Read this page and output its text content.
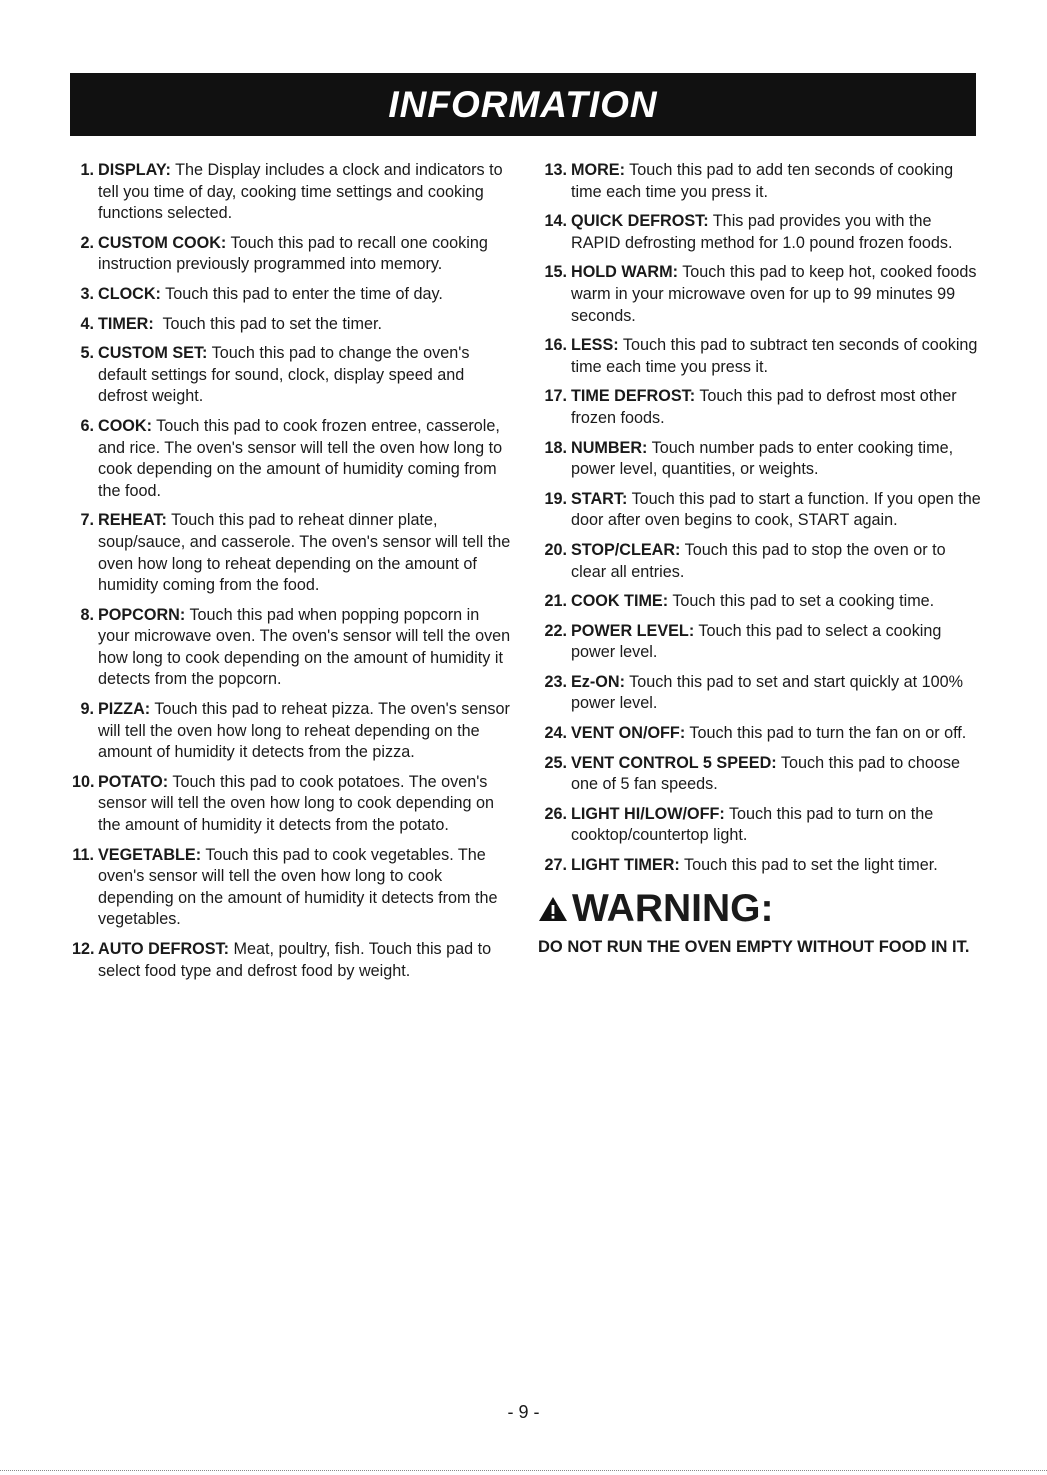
INFORMATION
1. DISPLAY: The Display includes a clock and indicators to tell you time of day, cooking time settings and cooking functions selected.
2. CUSTOM COOK: Touch this pad to recall one cooking instruction previously programmed into memory.
3. CLOCK: Touch this pad to enter the time of day.
4. TIMER:  Touch this pad to set the timer.
5. CUSTOM SET: Touch this pad to change the oven's default settings for sound, clock, display speed and defrost weight.
6. COOK: Touch this pad to cook frozen entree, casserole, and rice. The oven's sensor will tell the oven how long to cook depending on the amount of humidity coming from the food.
7. REHEAT: Touch this pad to reheat dinner plate, soup/sauce, and casserole. The oven's sensor will tell the oven how long to reheat depending on the amount of humidity coming from the food.
8. POPCORN: Touch this pad when popping popcorn in your microwave oven. The oven's sensor will tell the oven how long to cook depending on the amount of humidity it detects from the popcorn.
9. PIZZA: Touch this pad to reheat pizza. The oven's sensor will tell the oven how long to reheat depending on the amount of humidity it detects from the pizza.
10. POTATO: Touch this pad to cook potatoes. The oven's sensor will tell the oven how long to cook depending on the amount of humidity it detects from the potato.
11. VEGETABLE: Touch this pad to cook vegetables. The oven's sensor will tell the oven how long to cook depending on the amount of humidity it detects from the vegetables.
12. AUTO DEFROST: Meat, poultry, fish. Touch this pad to select food type and defrost food by weight.
13. MORE: Touch this pad to add ten seconds of cooking time each time you press it.
14. QUICK DEFROST: This pad provides you with the RAPID defrosting method for 1.0 pound frozen foods.
15. HOLD WARM: Touch this pad to keep hot, cooked foods warm in your microwave oven for up to 99 minutes 99 seconds.
16. LESS: Touch this pad to subtract ten seconds of cooking time each time you press it.
17. TIME DEFROST: Touch this pad to defrost most other frozen foods.
18. NUMBER: Touch number pads to enter cooking time, power level, quantities, or weights.
19. START: Touch this pad to start a function. If you open the door after oven begins to cook, START again.
20. STOP/CLEAR: Touch this pad to stop the oven or to clear all entries.
21. COOK TIME: Touch this pad to set a cooking time.
22. POWER LEVEL: Touch this pad to select a cooking power level.
23. Ez-ON: Touch this pad to set and start quickly at 100% power level.
24. VENT ON/OFF: Touch this pad to turn the fan on or off.
25. VENT CONTROL 5 SPEED: Touch this pad to choose one of 5 fan speeds.
26. LIGHT HI/LOW/OFF: Touch this pad to turn on the cooktop/countertop light.
27. LIGHT TIMER: Touch this pad to set the light timer.
WARNING:
DO NOT RUN THE OVEN EMPTY WITHOUT FOOD IN IT.
- 9 -
